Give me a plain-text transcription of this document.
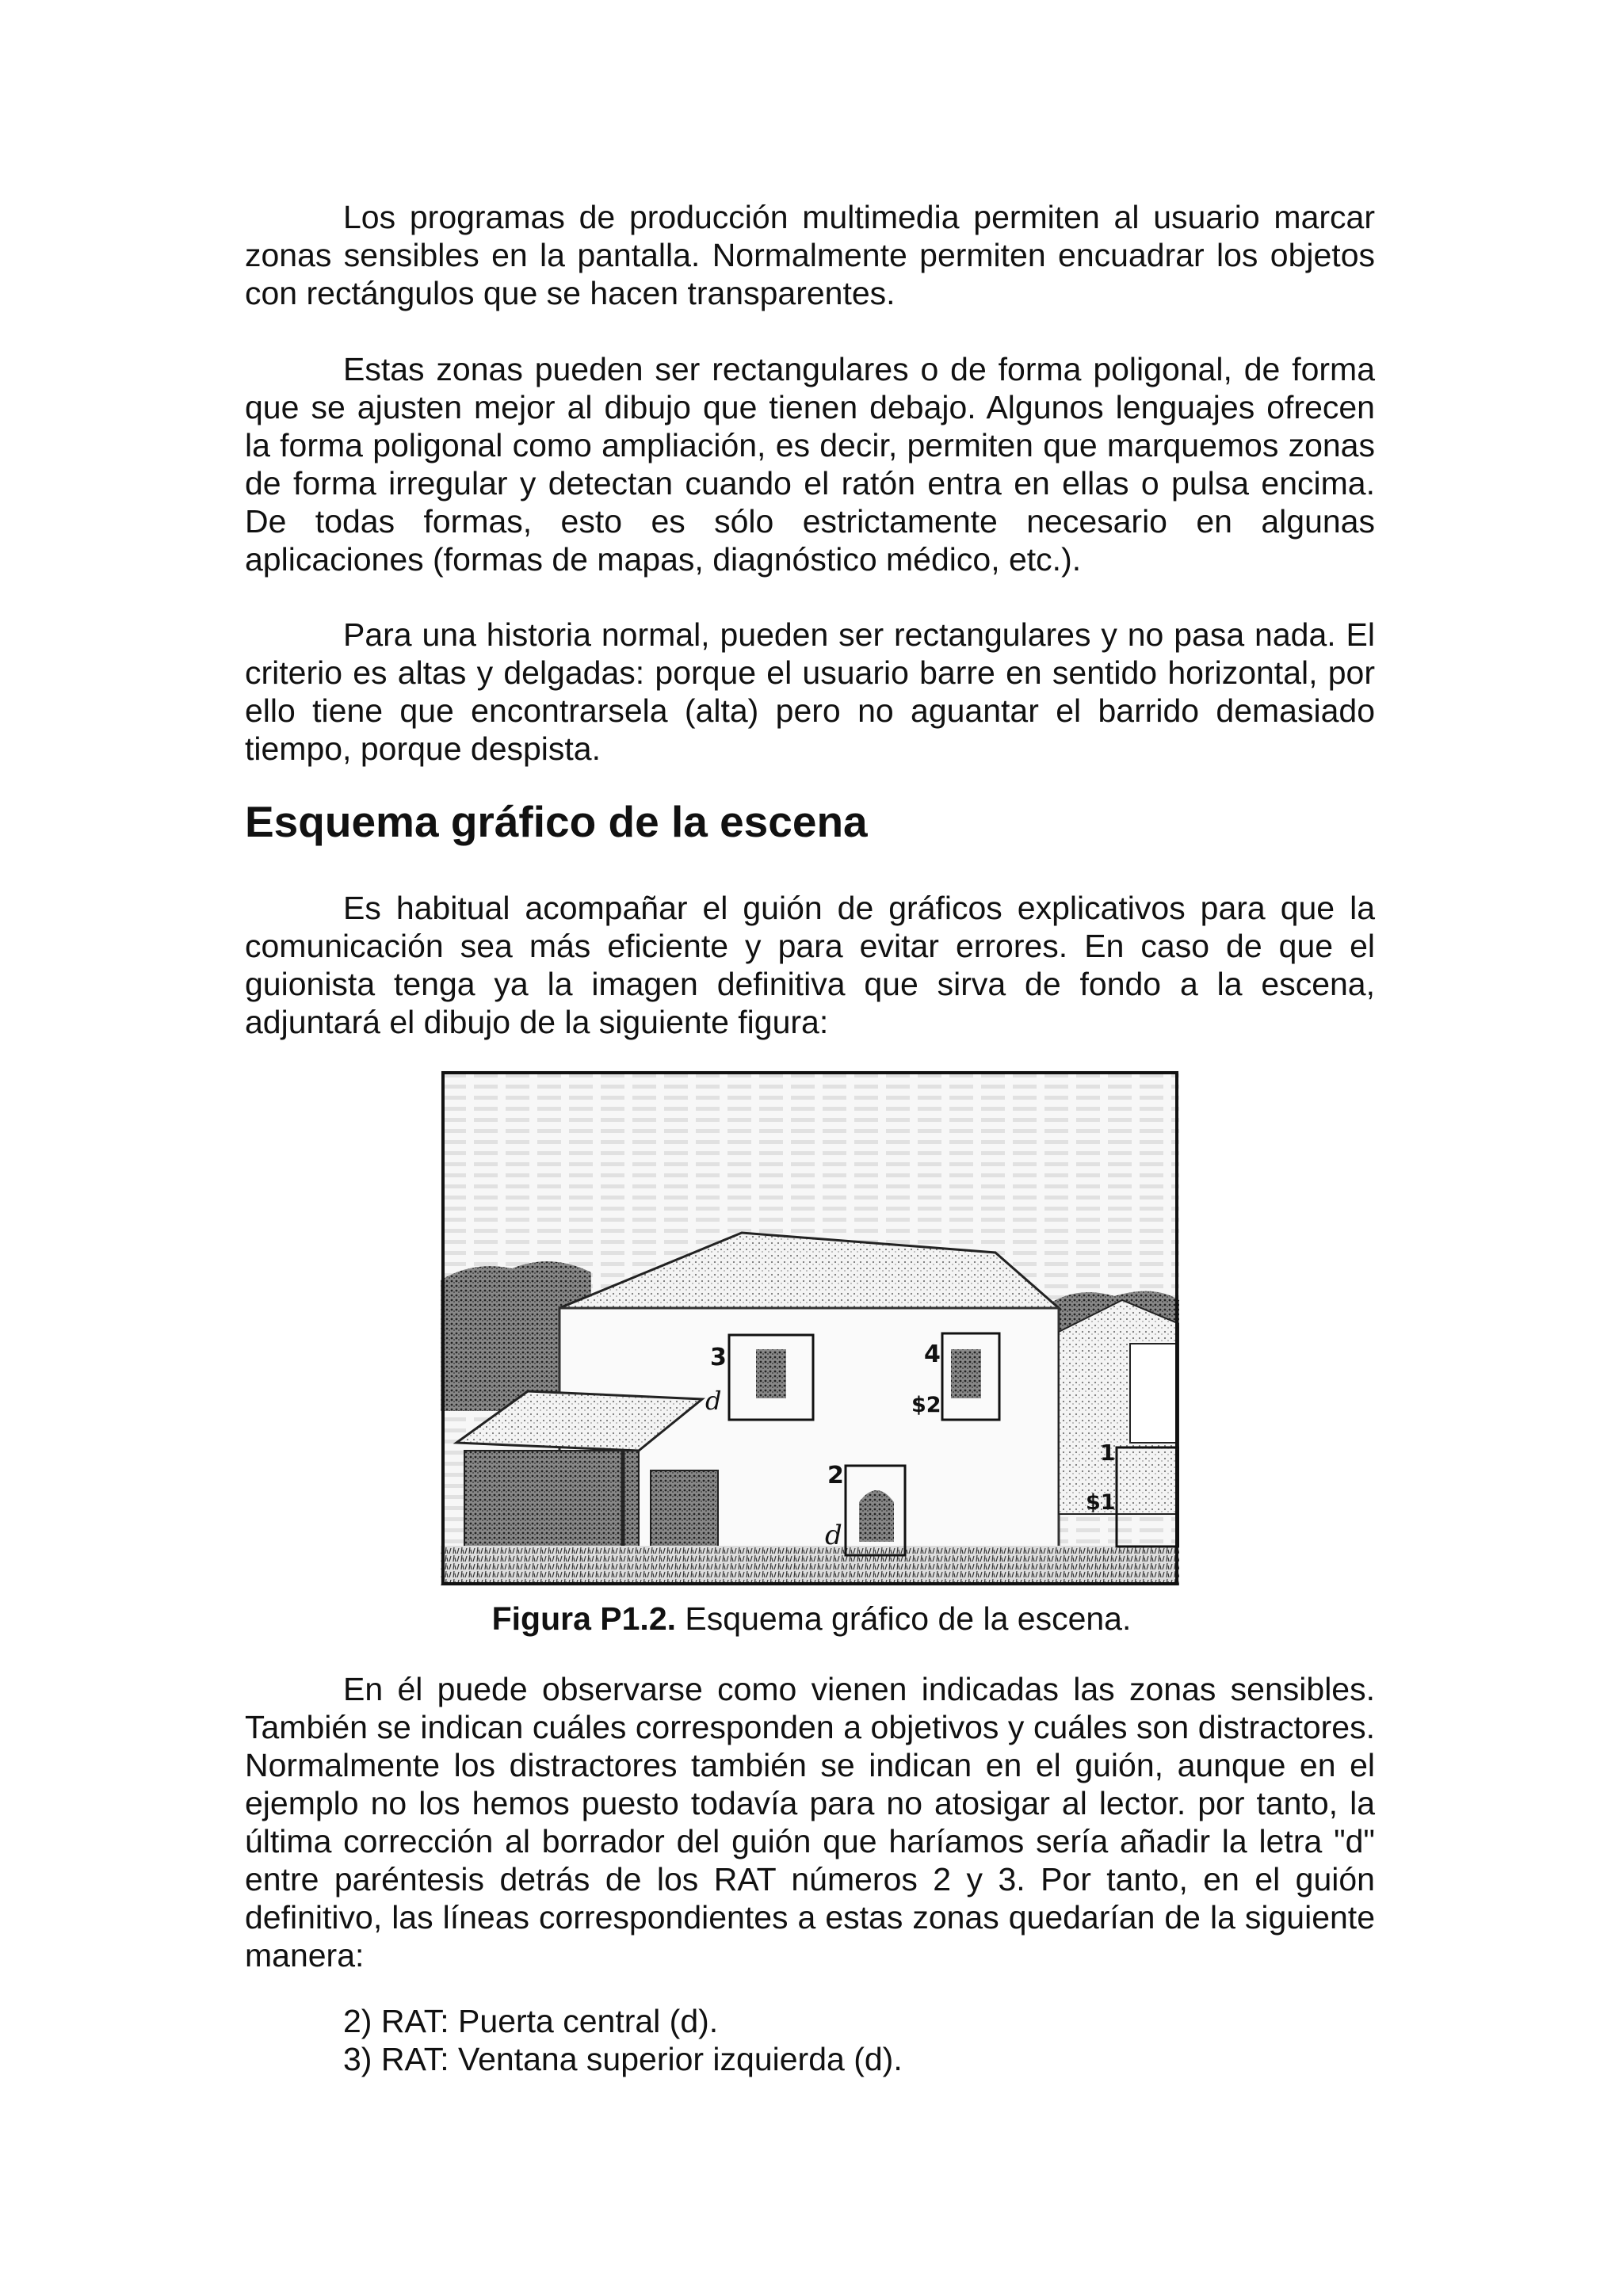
Los programas de producción multimedia permiten al usuario marcar zonas sensibles en la pantalla. Normalmente permiten encuadrar los objetos con rectángulos que se hacen transparentes.

Estas zonas pueden ser rectangulares o de forma poligonal, de forma que se ajusten mejor al dibujo que tienen debajo. Algunos lenguajes ofrecen la forma poligonal como ampliación, es decir, permiten que marquemos zonas de forma irregular y detectan cuando el ratón entra en ellas o pulsa encima. De todas formas, esto es sólo estrictamente necesario en algunas aplicaciones (formas de mapas, diagnóstico médico, etc.).

Para una historia normal, pueden ser rectangulares y no pasa nada. El criterio es altas y delgadas: porque el usuario barre en sentido horizontal, por ello tiene que encontrarsela (alta) pero no aguantar el barrido demasiado tiempo, porque despista.

Esquema gráfico de la escena

Es habitual acompañar el guión de gráficos explicativos para que la comunicación sea más eficiente y para evitar errores. En caso de que el guionista tenga ya la imagen definitiva que sirva de fondo a la escena, adjuntará el dibujo de la siguiente figura:

3
d
4
$2
2
d
1
$1
Figura P1.2. Esquema gráfico de la escena.

En él puede observarse como vienen indicadas las zonas sensibles. También se indican cuáles corresponden a objetivos y cuáles son distractores. Normalmente los distractores también se indican en el guión, aunque en el ejemplo no los hemos puesto todavía para no atosigar al lector. por tanto, la última corrección al borrador del guión que haríamos sería añadir la letra "d" entre paréntesis detrás de los RAT números 2 y 3. Por tanto, en el guión definitivo, las líneas correspondientes a estas zonas quedarían de la siguiente manera:

2) RAT: Puerta central (d).
3) RAT: Ventana superior izquierda (d).
